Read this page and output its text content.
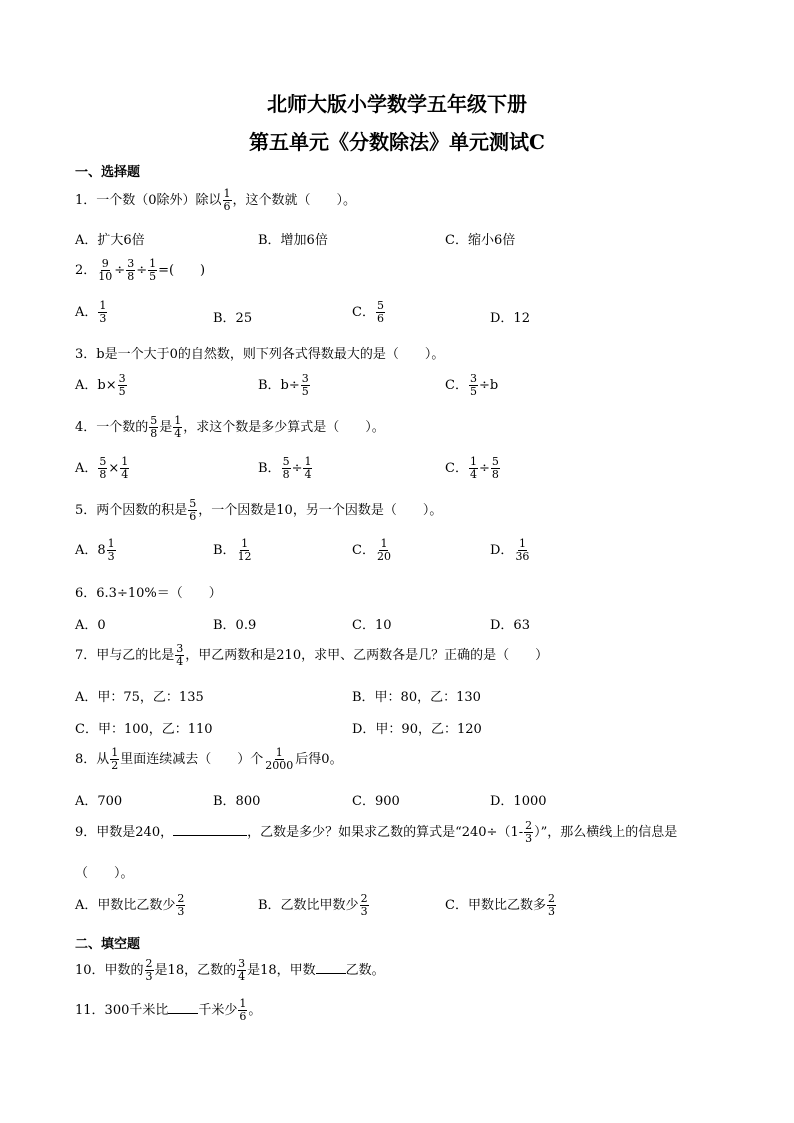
北师大版小学数学五年级下册
第五单元《分数除法》单元测试C
一、选择题
1．一个数（0除外）除以 $\frac{1}{6}$ ，这个数就（　　）。
A．扩大6倍	B．增加6倍	C．缩小6倍
2． $\frac{9}{10} \div \frac{3}{8} \div \frac{1}{5}$ =(　　)
A． $\frac{1}{3}$	B．25	C． $\frac{5}{6}$	D．12
3．b是一个大于0的自然数，则下列各式得数最大的是（　　）。
A．$b\times \frac{3}{5}$	B．$b\div \frac{3}{5}$	C． $\frac{3}{5} \div b$
4．一个数的 $\frac{5}{8}$ 是 $\frac{1}{4}$ ，求这个数是多少算式是（　　）。
A． $\frac{5}{8} \times \frac{1}{4}$	B． $\frac{5}{8} \div \frac{1}{4}$	C． $\frac{1}{4} \div \frac{5}{8}$
5．两个因数的积是 $\frac{5}{6}$ ，一个因数是10，另一个因数是（　　）。
A．$8 \frac{1}{3}$	B． $\frac{1}{12}$	C． $\frac{1}{20}$	D． $\frac{1}{36}$
6．6.3÷10%＝（　　）
A．0	B．0.9	C．10	D．63
7．甲与乙的比是 $\frac{3}{4}$ ，甲乙两数和是210，求甲、乙两数各是几？正确的是（　　）
A．甲：75，乙：135	B．甲：80，乙：130
C．甲：100，乙：110	D．甲：90，乙：120
8．从 $\frac{1}{2}$ 里面连续减去（　　）个 $\frac{1}{2000}$ 后得0。
A．700	B．800	C．900	D．1000
9．甲数是240，	，乙数是多少？如果求乙数的算式是“$240\div(1- \frac{2}{3}$ ）”，那么横线上的信息是
（　　）。
A．甲数比乙数少 $\frac{2}{3}$	B．乙数比甲数少 $\frac{2}{3}$	C．甲数比乙数多 $\frac{2}{3}$
二、填空题
10．甲数的 $\frac{2}{3}$ 是18，乙数的 $\frac{3}{4}$ 是18，甲数 乙数。
11．300千米比 千米少 $\frac{1}{6}$ 。
